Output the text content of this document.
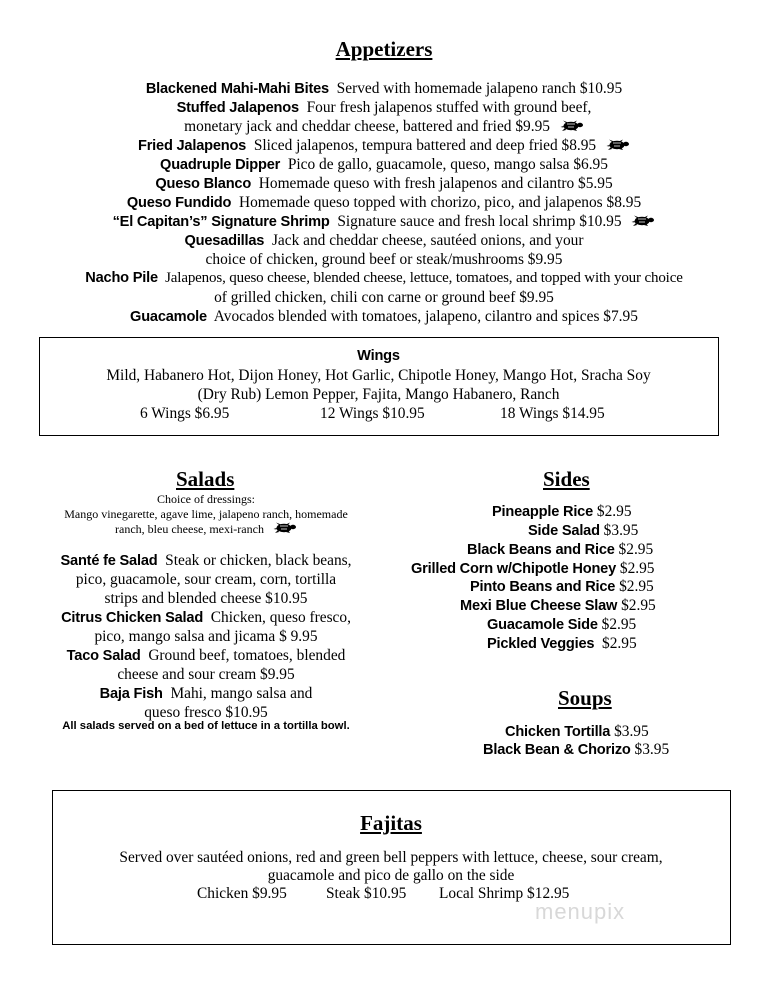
Appetizers
Blackened Mahi-Mahi Bites Served with homemade jalapeno ranch $10.95
Stuffed Jalapenos Four fresh jalapenos stuffed with ground beef,
monetary jack and cheddar cheese, battered and fried $9.95
Fried Jalapenos Sliced jalapenos, tempura battered and deep fried $8.95
Quadruple Dipper Pico de gallo, guacamole, queso, mango salsa $6.95
Queso Blanco Homemade queso with fresh jalapenos and cilantro $5.95
Queso Fundido Homemade queso topped with chorizo, pico, and jalapenos $8.95
“El Capitan’s” Signature Shrimp Signature sauce and fresh local shrimp $10.95
Quesadillas Jack and cheddar cheese, sautéed onions, and your
choice of chicken, ground beef or steak/mushrooms $9.95
Nacho Pile Jalapenos, queso cheese, blended cheese, lettuce, tomatoes, and topped with your choice
of grilled chicken, chili con carne or ground beef $9.95
Guacamole Avocados blended with tomatoes, jalapeno, cilantro and spices $7.95
Wings
Mild, Habanero Hot, Dijon Honey, Hot Garlic, Chipotle Honey, Mango Hot, Sracha Soy
(Dry Rub) Lemon Pepper, Fajita, Mango Habanero, Ranch
6 Wings $6.95	12 Wings $10.95	18 Wings $14.95
Salads
Choice of dressings:
Mango vinegarette, agave lime, jalapeno ranch, homemade
ranch, bleu cheese, mexi-ranch
Santé fe Salad Steak or chicken, black beans,
pico, guacamole, sour cream, corn, tortilla
strips and blended cheese $10.95
Citrus Chicken Salad Chicken, queso fresco,
pico, mango salsa and jicama $ 9.95
Taco Salad Ground beef, tomatoes, blended
cheese and sour cream $9.95
Baja Fish Mahi, mango salsa and
queso fresco $10.95
All salads served on a bed of lettuce in a tortilla bowl.
Sides
Pineapple Rice $2.95
Side Salad $3.95
Black Beans and Rice $2.95
Grilled Corn w/Chipotle Honey $2.95
Pinto Beans and Rice $2.95
Mexi Blue Cheese Slaw $2.95
Guacamole Side $2.95
Pickled Veggies $2.95
Soups
Chicken Tortilla $3.95
Black Bean & Chorizo $3.95
Fajitas
Served over sautéed onions, red and green bell peppers with lettuce, cheese, sour cream,
guacamole and pico de gallo on the side
Chicken $9.95	Steak $10.95 Local Shrimp $12.95
menupix
